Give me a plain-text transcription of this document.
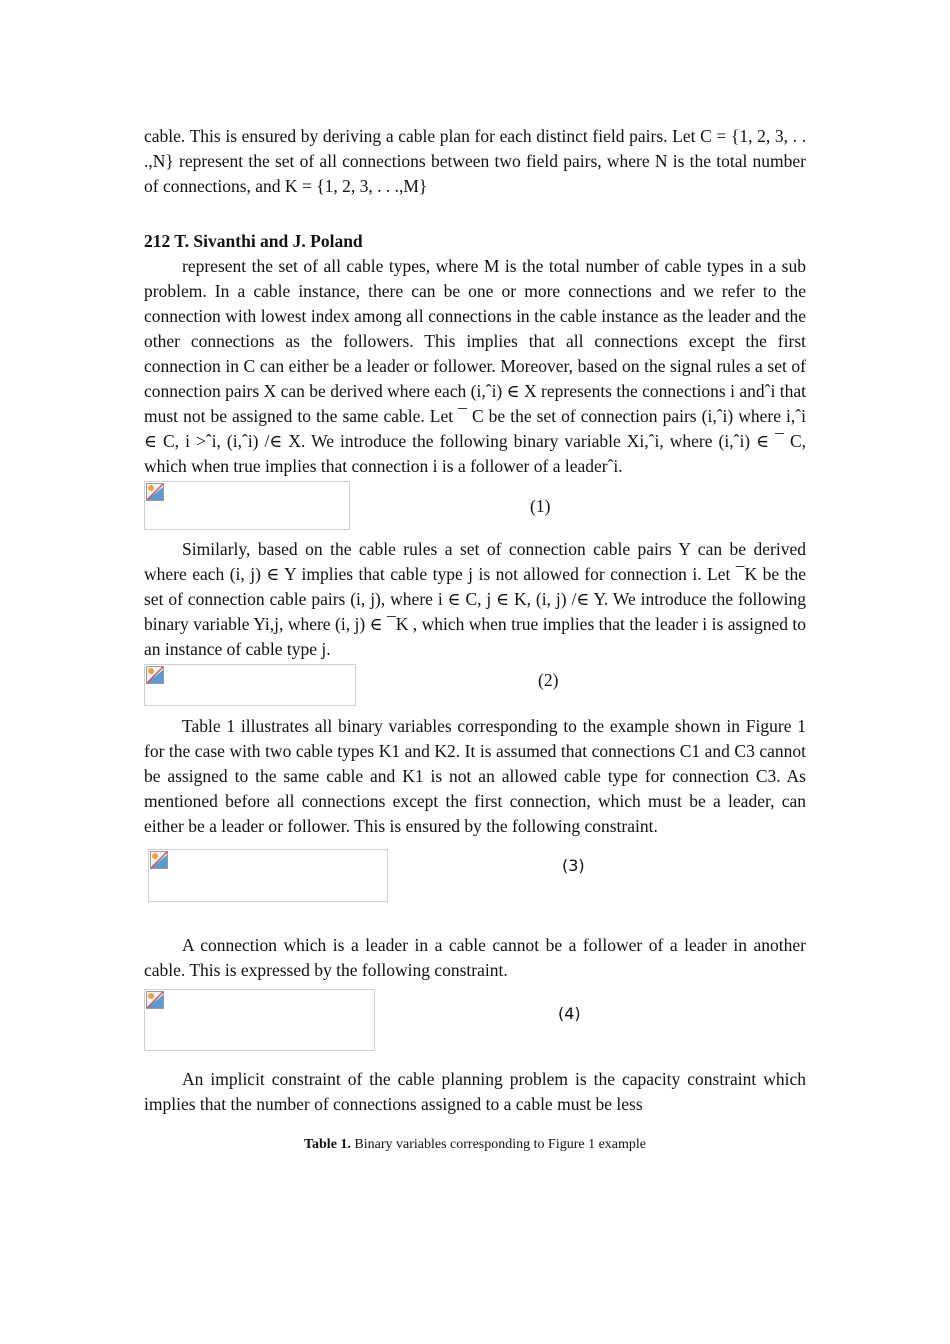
cable. This is ensured by deriving a cable plan for each distinct field pairs. Let C = {1, 2, 3, . . .,N} represent the set of all connections between two field pairs, where N is the total number of connections, and K = {1, 2, 3, . . .,M}

212 T. Sivanthi and J. Poland

represent the set of all cable types, where M is the total number of cable types in a sub problem. In a cable instance, there can be one or more connections and we refer to the connection with lowest index among all connections in the cable instance as the leader and the other connections as the followers. This implies that all connections except the first connection in C can either be a leader or follower. Moreover, based on the signal rules a set of connection pairs X can be derived where each (i,ˆi) ∈ X represents the connections i andˆi that must not be assigned to the same cable. Let ¯ C be the set of connection pairs (i,ˆi) where i,ˆi ∈ C, i >ˆi, (i,ˆi) /∈ X. We introduce the following binary variable Xi,ˆi, where (i,ˆi) ∈ ¯ C, which when true implies that connection i is a follower of a leaderˆi.

(1)

Similarly, based on the cable rules a set of connection cable pairs Y can be derived where each (i, j) ∈ Y implies that cable type j is not allowed for connection i. Let ¯K be the set of connection cable pairs (i, j), where i ∈ C, j ∈ K, (i, j) /∈ Y. We introduce the following binary variable Yi,j, where (i, j) ∈ ¯K , which when true implies that the leader i is assigned to an instance of cable type j.

(2)

Table 1 illustrates all binary variables corresponding to the example shown in Figure 1 for the case with two cable types K1 and K2. It is assumed that connections C1 and C3 cannot be assigned to the same cable and K1 is not an allowed cable type for connection C3. As mentioned before all connections except the first connection, which must be a leader, can either be a leader or follower. This is ensured by the following constraint.

(3)

A connection which is a leader in a cable cannot be a follower of a leader in another cable. This is expressed by the following constraint.

(4)

An implicit constraint of the cable planning problem is the capacity constraint which implies that the number of connections assigned to a cable must be less

Table 1. Binary variables corresponding to Figure 1 example
